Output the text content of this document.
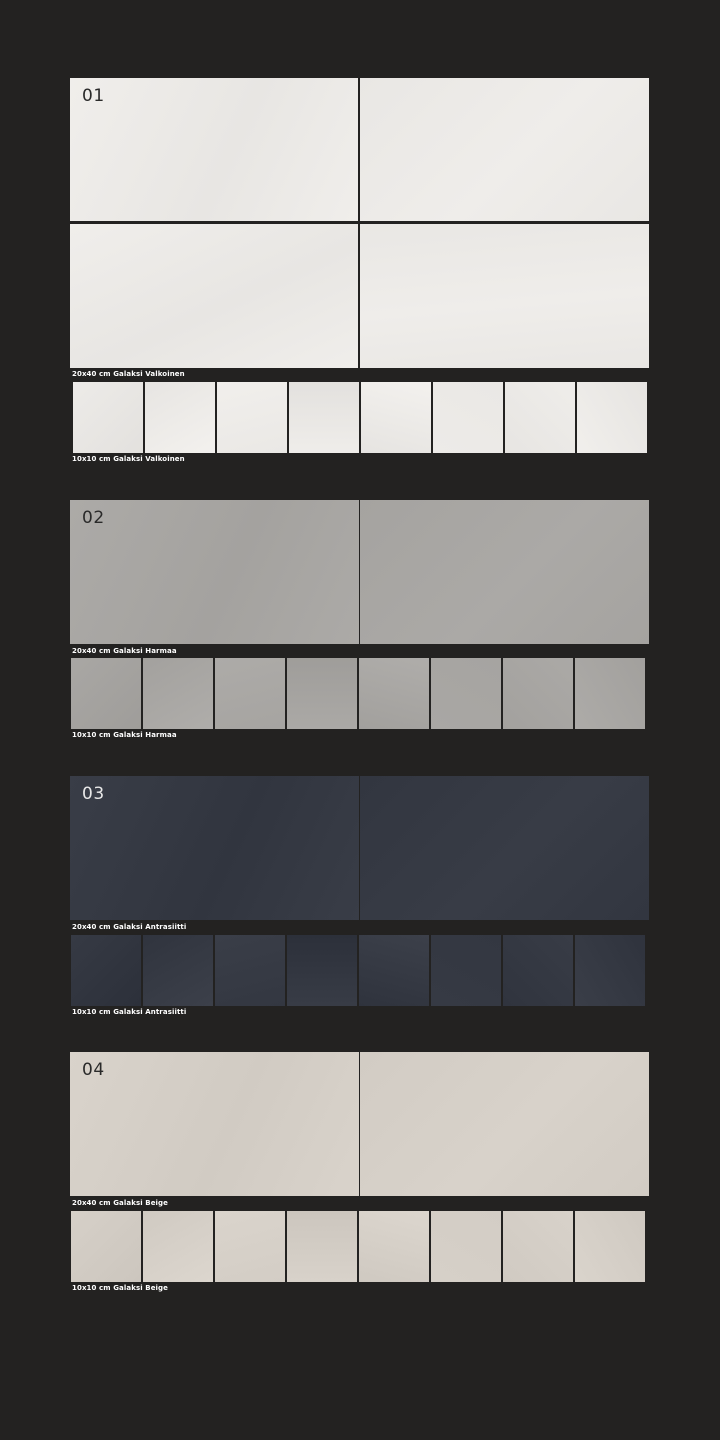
01
20x40 cm Galaksi Valkoinen
10x10 cm Galaksi Valkoinen
02
20x40 cm Galaksi Harmaa
10x10 cm Galaksi Harmaa
03
20x40 cm Galaksi Antrasiitti
10x10 cm Galaksi Antrasiitti
04
20x40 cm Galaksi Beige
10x10 cm Galaksi Beige
